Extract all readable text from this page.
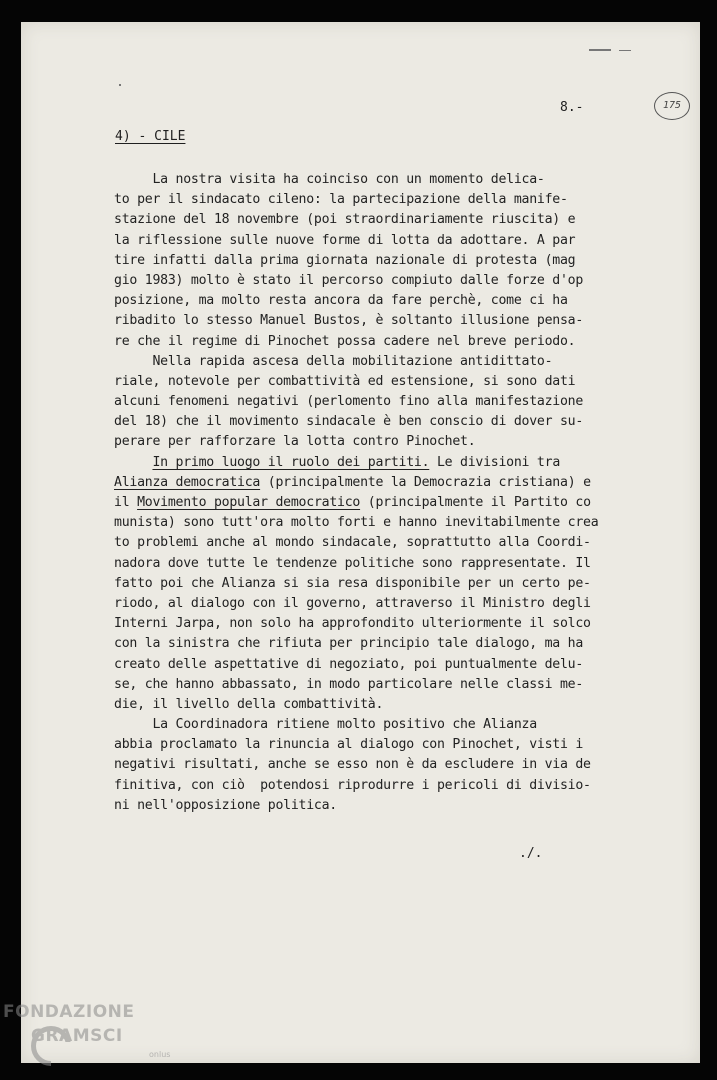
175
8.-
4) - CILE
La nostra visita ha coinciso con un momento delica-
to per il sindacato cileno: la partecipazione della manife-
stazione del 18 novembre (poi straordinariamente riuscita) e
la riflessione sulle nuove forme di lotta da adottare. A par
tire infatti dalla prima giornata nazionale di protesta (mag
gio 1983) molto è stato il percorso compiuto dalle forze d'op
posizione, ma molto resta ancora da fare perchè, come ci ha
ribadito lo stesso Manuel Bustos, è soltanto illusione pensa-
re che il regime di Pinochet possa cadere nel breve periodo.
Nella rapida ascesa della mobilitazione antidittato-
riale, notevole per combattività ed estensione, si sono dati
alcuni fenomeni negativi (perlomento fino alla manifestazione
del 18) che il movimento sindacale è ben conscio di dover su-
perare per rafforzare la lotta contro Pinochet.
In primo luogo il ruolo dei partiti. Le divisioni tra
Alianza democratica (principalmente la Democrazia cristiana) e
il Movimento popular democratico (principalmente il Partito co
munista) sono tutt'ora molto forti e hanno inevitabilmente crea
to problemi anche al mondo sindacale, soprattutto alla Coordi-
nadora dove tutte le tendenze politiche sono rappresentate. Il
fatto poi che Alianza si sia resa disponibile per un certo pe-
riodo, al dialogo con il governo, attraverso il Ministro degli
Interni Jarpa, non solo ha approfondito ulteriormente il solco
con la sinistra che rifiuta per principio tale dialogo, ma ha
creato delle aspettative di negoziato, poi puntualmente delu-
se, che hanno abbassato, in modo particolare nelle classi me-
die, il livello della combattività.
La Coordinadora ritiene molto positivo che Alianza
abbia proclamato la rinuncia al dialogo con Pinochet, visti i
negativi risultati, anche se esso non è da escludere in via de
finitiva, con ciò  potendosi riprodurre i pericoli di divisio-
ni nell'opposizione politica.
./.
FONDAZIONE
GRAMSCI
onlus
